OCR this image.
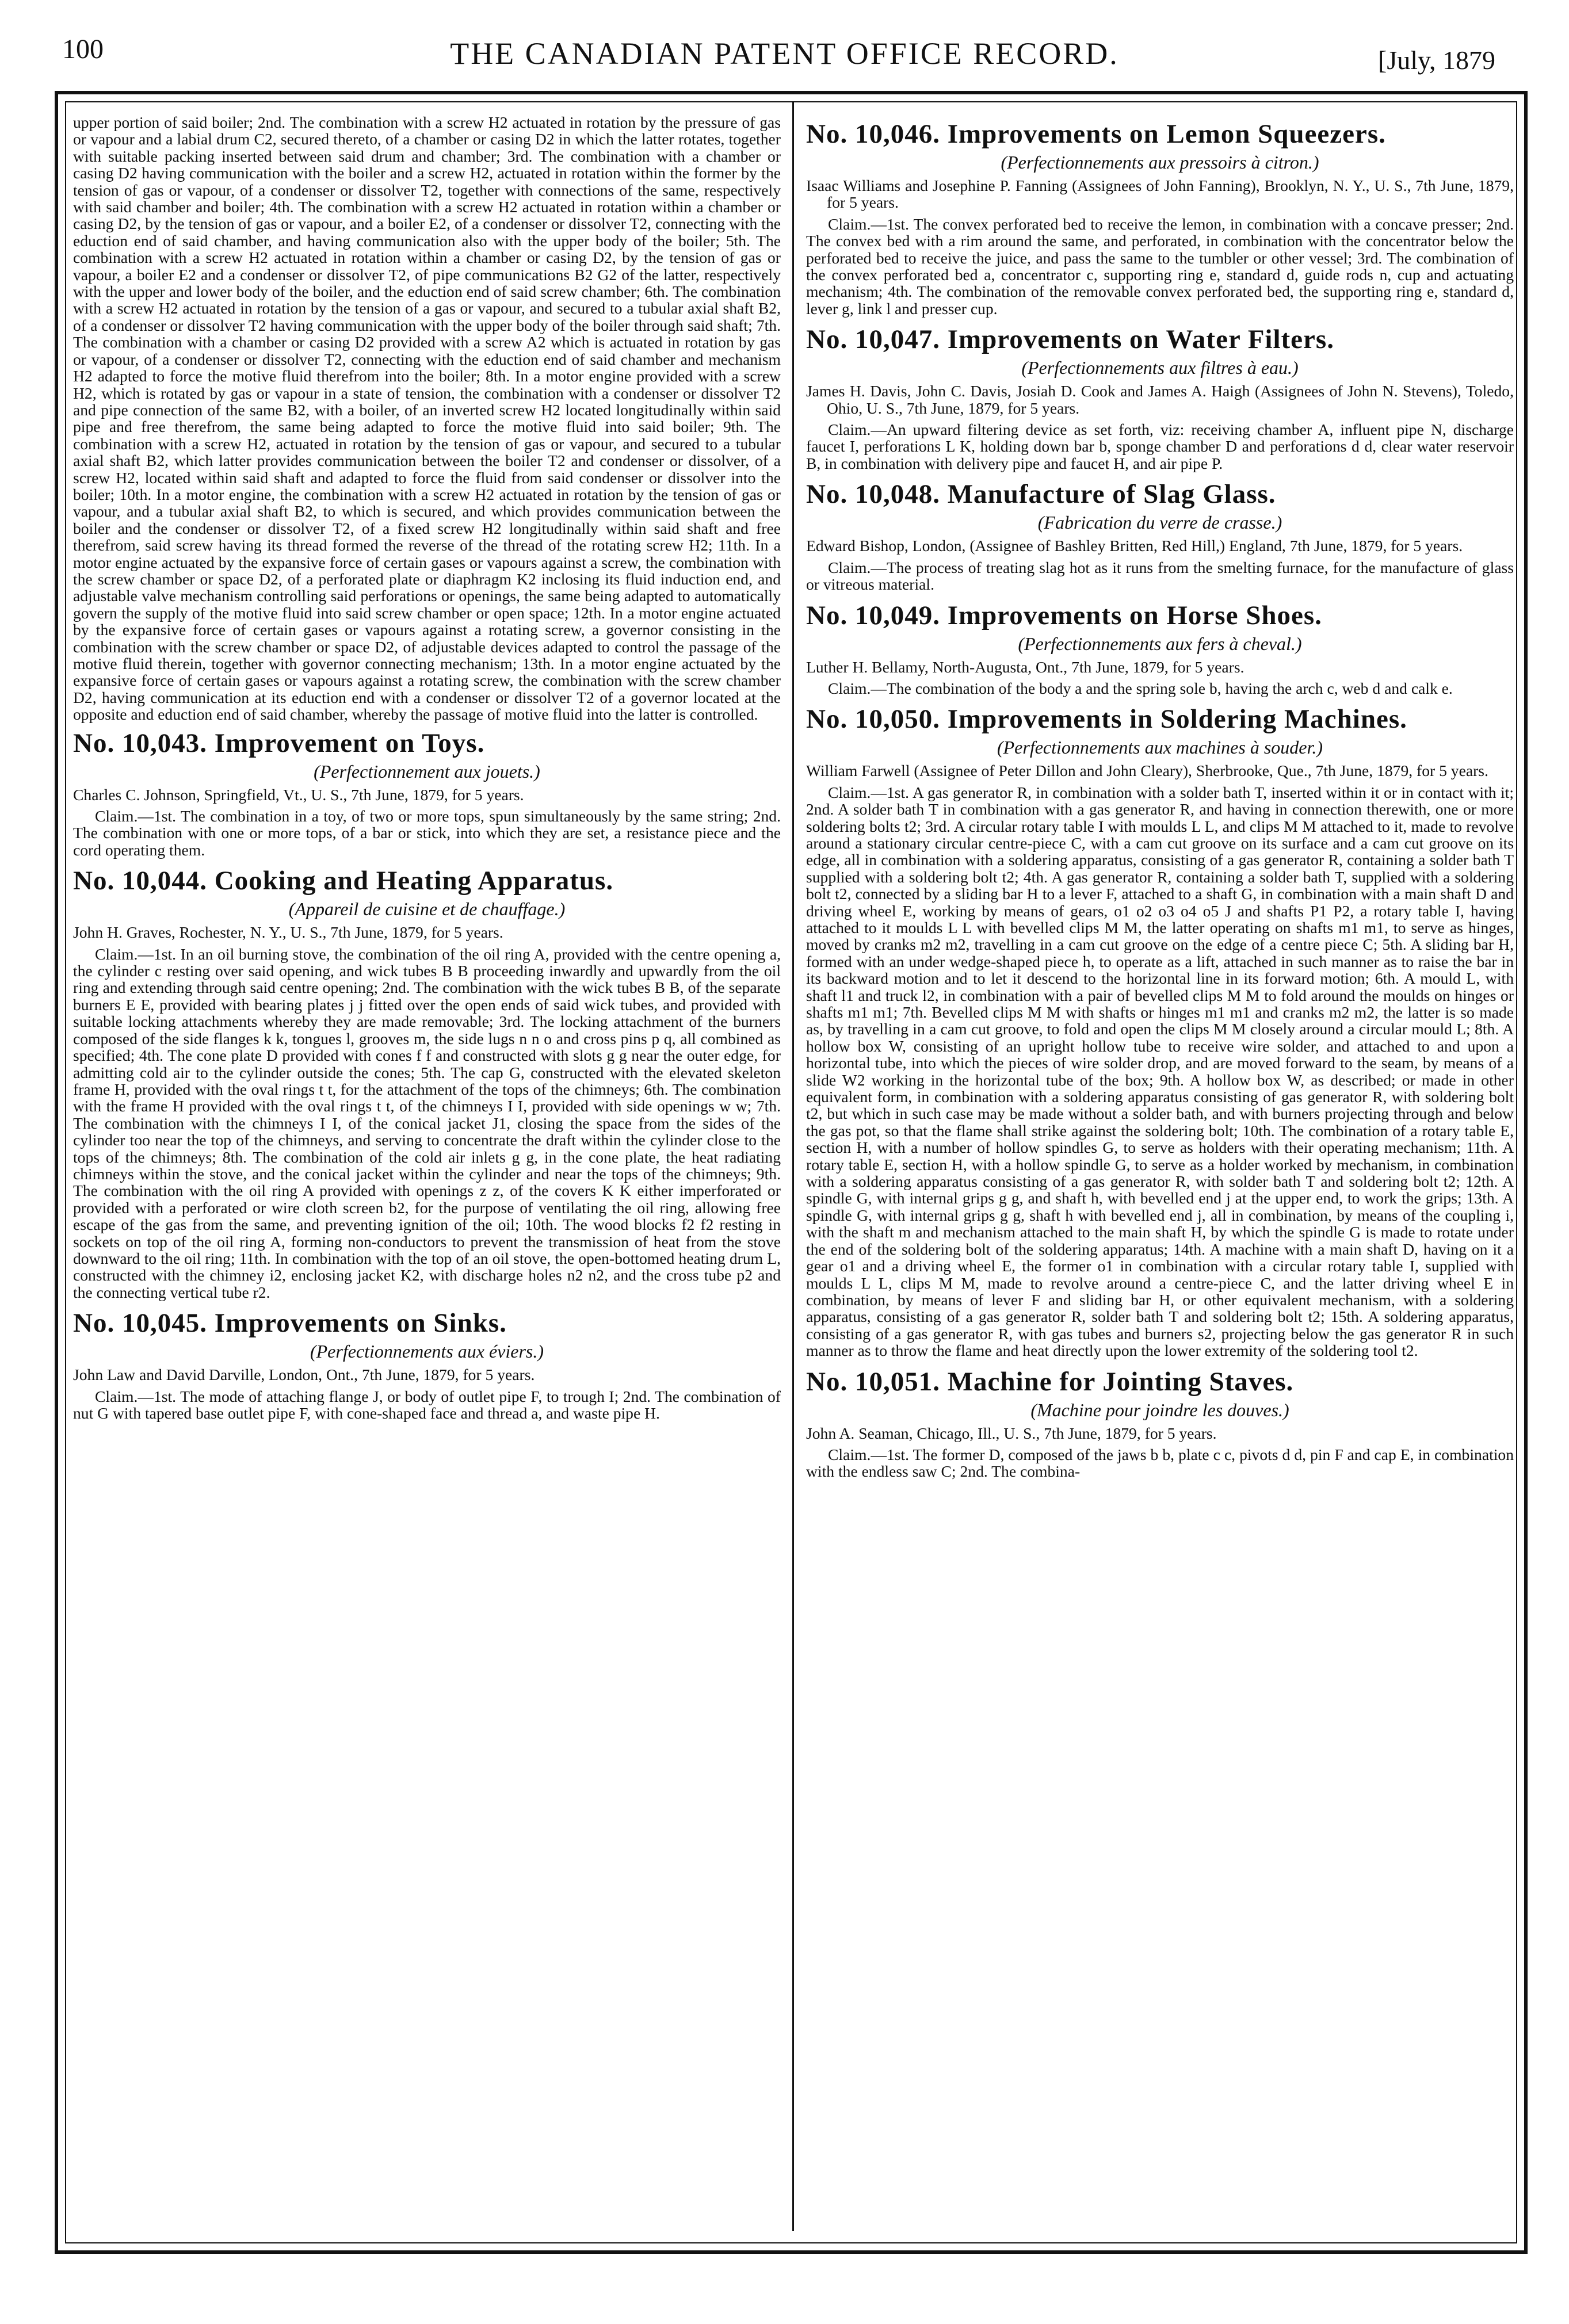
100	THE CANADIAN PATENT OFFICE RECORD.	[July, 1879

upper portion of said boiler; 2nd. The combination with a screw H2 actuated in rotation by the pressure of gas or vapour and a labial drum C2, secured thereto, of a chamber or casing D2 in which the latter rotates, together with suitable packing inserted between said drum and chamber; 3rd. The combination with a chamber or casing D2 having communication with the boiler and a screw H2, actuated in rotation within the former by the tension of gas or vapour, of a condenser or dissolver T2, together with connections of the same, respectively with said chamber and boiler; 4th. The combination with a screw H2 actuated in rotation within a chamber or casing D2, by the tension of gas or vapour, and a boiler E2, of a condenser or dissolver T2, connecting with the eduction end of said chamber, and having communication also with the upper body of the boiler; 5th. The combination with a screw H2 actuated in rotation within a chamber or casing D2, by the tension of gas or vapour, a boiler E2 and a condenser or dissolver T2, of pipe communications B2 G2 of the latter, respectively with the upper and lower body of the boiler, and the eduction end of said screw chamber; 6th. The combination with a screw H2 actuated in rotation by the tension of a gas or vapour, and secured to a tubular axial shaft B2, of a condenser or dissolver T2 having communication with the upper body of the boiler through said shaft; 7th. The combination with a chamber or casing D2 provided with a screw A2 which is actuated in rotation by gas or vapour, of a condenser or dissolver T2, connecting with the eduction end of said chamber and mechanism H2 adapted to force the motive fluid therefrom into the boiler; 8th. In a motor engine provided with a screw H2, which is rotated by gas or vapour in a state of tension, the combination with a condenser or dissolver T2 and pipe connection of the same B2, with a boiler, of an inverted screw H2 located longitudinally within said pipe and free therefrom, the same being adapted to force the motive fluid into said boiler; 9th. The combination with a screw H2, actuated in rotation by the tension of gas or vapour, and secured to a tubular axial shaft B2, which latter provides communication between the boiler T2 and condenser or dissolver, of a screw H2, located within said shaft and adapted to force the fluid from said condenser or dissolver into the boiler; 10th. In a motor engine, the combination with a screw H2 actuated in rotation by the tension of gas or vapour, and a tubular axial shaft B2, to which is secured, and which provides communication between the boiler and the condenser or dissolver T2, of a fixed screw H2 longitudinally within said shaft and free therefrom, said screw having its thread formed the reverse of the thread of the rotating screw H2; 11th. In a motor engine actuated by the expansive force of certain gases or vapours against a screw, the combination with the screw chamber or space D2, of a perforated plate or diaphragm K2 inclosing its fluid induction end, and adjustable valve mechanism controlling said perforations or openings, the same being adapted to automatically govern the supply of the motive fluid into said screw chamber or open space; 12th. In a motor engine actuated by the expansive force of certain gases or vapours against a rotating screw, a governor consisting in the combination with the screw chamber or space D2, of adjustable devices adapted to control the passage of the motive fluid therein, together with governor connecting mechanism; 13th. In a motor engine actuated by the expansive force of certain gases or vapours against a rotating screw, the combination with the screw chamber D2, having communication at its eduction end with a condenser or dissolver T2 of a governor located at the opposite and eduction end of said chamber, whereby the passage of motive fluid into the latter is controlled.

No. 10,043. Improvement on Toys.
(Perfectionnement aux jouets.)
Charles C. Johnson, Springfield, Vt., U. S., 7th June, 1879, for 5 years.

Claim.—1st. The combination in a toy, of two or more tops, spun simultaneously by the same string; 2nd. The combination with one or more tops, of a bar or stick, into which they are set, a resistance piece and the cord operating them.

No. 10,044. Cooking and Heating Apparatus.
(Appareil de cuisine et de chauffage.)
John H. Graves, Rochester, N. Y., U. S., 7th June, 1879, for 5 years.

Claim.—1st. In an oil burning stove, the combination of the oil ring A, provided with the centre opening a, the cylinder c resting over said opening, and wick tubes B B proceeding inwardly and upwardly from the oil ring and extending through said centre opening; 2nd. The combination with the wick tubes B B, of the separate burners E E, provided with bearing plates j j fitted over the open ends of said wick tubes, and provided with suitable locking attachments whereby they are made removable; 3rd. The locking attachment of the burners composed of the side flanges k k, tongues l, grooves m, the side lugs n n o and cross pins p q, all combined as specified; 4th. The cone plate D provided with cones f f and constructed with slots g g near the outer edge, for admitting cold air to the cylinder outside the cones; 5th. The cap G, constructed with the elevated skeleton frame H, provided with the oval rings t t, for the attachment of the tops of the chimneys; 6th. The combination with the frame H provided with the oval rings t t, of the chimneys I I, provided with side openings w w; 7th. The combination with the chimneys I I, of the conical jacket J1, closing the space from the sides of the cylinder too near the top of the chimneys, and serving to concentrate the draft within the cylinder close to the tops of the chimneys; 8th. The combination of the cold air inlets g g, in the cone plate, the heat radiating chimneys within the stove, and the conical jacket within the cylinder and near the tops of the chimneys; 9th. The combination with the oil ring A provided with openings z z, of the covers K K either imperforated or provided with a perforated or wire cloth screen b2, for the purpose of ventilating the oil ring, allowing free escape of the gas from the same, and preventing ignition of the oil; 10th. The wood blocks f2 f2 resting in sockets on top of the oil ring A, forming non-conductors to prevent the transmission of heat from the stove downward to the oil ring; 11th. In combination with the top of an oil stove, the open-bottomed heating drum L, constructed with the chimney i2, enclosing jacket K2, with discharge holes n2 n2, and the cross tube p2 and the connecting vertical tube r2.

No. 10,045. Improvements on Sinks.
(Perfectionnements aux éviers.)
John Law and David Darville, London, Ont., 7th June, 1879, for 5 years.

Claim.—1st. The mode of attaching flange J, or body of outlet pipe F, to trough I; 2nd. The combination of nut G with tapered base outlet pipe F, with cone-shaped face and thread a, and waste pipe H.

No. 10,046. Improvements on Lemon Squeezers.
(Perfectionnements aux pressoirs à citron.)
Isaac Williams and Josephine P. Fanning (Assignees of John Fanning), Brooklyn, N. Y., U. S., 7th June, 1879, for 5 years.

Claim.—1st. The convex perforated bed to receive the lemon, in combination with a concave presser; 2nd. The convex bed with a rim around the same, and perforated, in combination with the concentrator below the perforated bed to receive the juice, and pass the same to the tumbler or other vessel; 3rd. The combination of the convex perforated bed a, concentrator c, supporting ring e, standard d, guide rods n, cup and actuating mechanism; 4th. The combination of the removable convex perforated bed, the supporting ring e, standard d, lever g, link l and presser cup.

No. 10,047. Improvements on Water Filters.
(Perfectionnements aux filtres à eau.)
James H. Davis, John C. Davis, Josiah D. Cook and James A. Haigh (Assignees of John N. Stevens), Toledo, Ohio, U. S., 7th June, 1879, for 5 years.

Claim.—An upward filtering device as set forth, viz: receiving chamber A, influent pipe N, discharge faucet I, perforations L K, holding down bar b, sponge chamber D and perforations d d, clear water reservoir B, in combination with delivery pipe and faucet H, and air pipe P.

No. 10,048. Manufacture of Slag Glass.
(Fabrication du verre de crasse.)
Edward Bishop, London, (Assignee of Bashley Britten, Red Hill,) England, 7th June, 1879, for 5 years.

Claim.—The process of treating slag hot as it runs from the smelting furnace, for the manufacture of glass or vitreous material.

No. 10,049. Improvements on Horse Shoes.
(Perfectionnements aux fers à cheval.)
Luther H. Bellamy, North-Augusta, Ont., 7th June, 1879, for 5 years.

Claim.—The combination of the body a and the spring sole b, having the arch c, web d and calk e.

No. 10,050. Improvements in Soldering Machines.
(Perfectionnements aux machines à souder.)
William Farwell (Assignee of Peter Dillon and John Cleary), Sherbrooke, Que., 7th June, 1879, for 5 years.

Claim.—1st. A gas generator R, in combination with a solder bath T, inserted within it or in contact with it; 2nd. A solder bath T in combination with a gas generator R, and having in connection therewith, one or more soldering bolts t2; 3rd. A circular rotary table I with moulds L L, and clips M M attached to it, made to revolve around a stationary circular centre-piece C, with a cam cut groove on its surface and a cam cut groove on its edge, all in combination with a soldering apparatus, consisting of a gas generator R, containing a solder bath T supplied with a soldering bolt t2; 4th. A gas generator R, containing a solder bath T, supplied with a soldering bolt t2, connected by a sliding bar H to a lever F, attached to a shaft G, in combination with a main shaft D and driving wheel E, working by means of gears, o1 o2 o3 o4 o5 J and shafts P1 P2, a rotary table I, having attached to it moulds L L with bevelled clips M M, the latter operating on shafts m1 m1, to serve as hinges, moved by cranks m2 m2, travelling in a cam cut groove on the edge of a centre piece C; 5th. A sliding bar H, formed with an under wedge-shaped piece h, to operate as a lift, attached in such manner as to raise the bar in its backward motion and to let it descend to the horizontal line in its forward motion; 6th. A mould L, with shaft l1 and truck l2, in combination with a pair of bevelled clips M M to fold around the moulds on hinges or shafts m1 m1; 7th. Bevelled clips M M with shafts or hinges m1 m1 and cranks m2 m2, the latter is so made as, by travelling in a cam cut groove, to fold and open the clips M M closely around a circular mould L; 8th. A hollow box W, consisting of an upright hollow tube to receive wire solder, and attached to and upon a horizontal tube, into which the pieces of wire solder drop, and are moved forward to the seam, by means of a slide W2 working in the horizontal tube of the box; 9th. A hollow box W, as described; or made in other equivalent form, in combination with a soldering apparatus consisting of gas generator R, with soldering bolt t2, but which in such case may be made without a solder bath, and with burners projecting through and below the gas pot, so that the flame shall strike against the soldering bolt; 10th. The combination of a rotary table E, section H, with a number of hollow spindles G, to serve as holders with their operating mechanism; 11th. A rotary table E, section H, with a hollow spindle G, to serve as a holder worked by mechanism, in combination with a soldering apparatus consisting of a gas generator R, with solder bath T and soldering bolt t2; 12th. A spindle G, with internal grips g g, and shaft h, with bevelled end j at the upper end, to work the grips; 13th. A spindle G, with internal grips g g, shaft h with bevelled end j, all in combination, by means of the coupling i, with the shaft m and mechanism attached to the main shaft H, by which the spindle G is made to rotate under the end of the soldering bolt of the soldering apparatus; 14th. A machine with a main shaft D, having on it a gear o1 and a driving wheel E, the former o1 in combination with a circular rotary table I, supplied with moulds L L, clips M M, made to revolve around a centre-piece C, and the latter driving wheel E in combination, by means of lever F and sliding bar H, or other equivalent mechanism, with a soldering apparatus, consisting of a gas generator R, solder bath T and soldering bolt t2; 15th. A soldering apparatus, consisting of a gas generator R, with gas tubes and burners s2, projecting below the gas generator R in such manner as to throw the flame and heat directly upon the lower extremity of the soldering tool t2.

No. 10,051. Machine for Jointing Staves.
(Machine pour joindre les douves.)
John A. Seaman, Chicago, Ill., U. S., 7th June, 1879, for 5 years.

Claim.—1st. The former D, composed of the jaws b b, plate c c, pivots d d, pin F and cap E, in combination with the endless saw C; 2nd. The combina-
